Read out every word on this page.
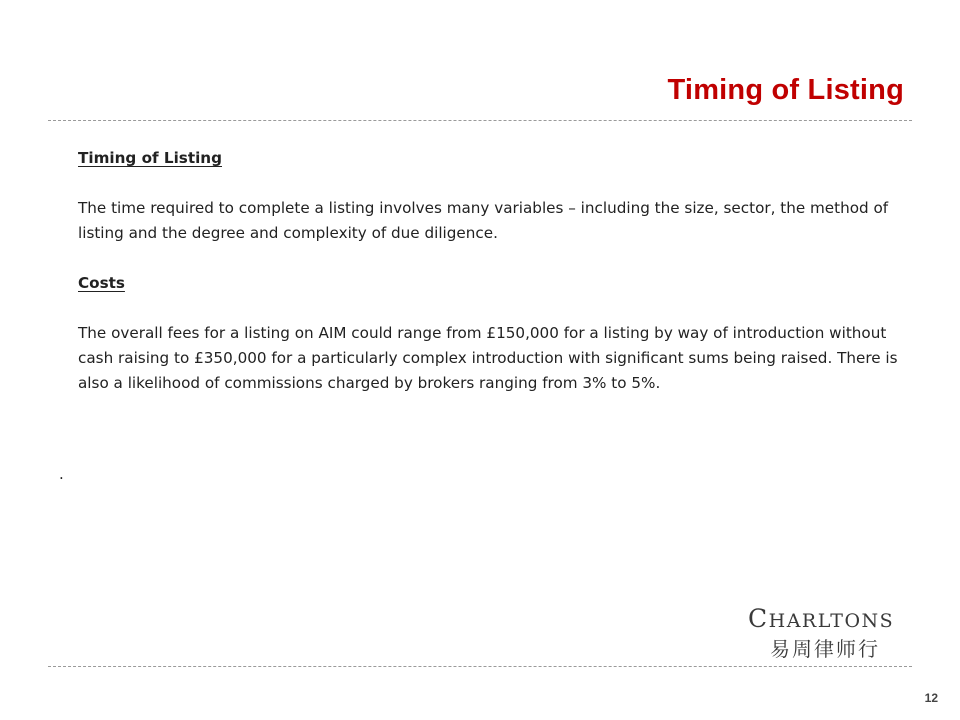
Timing of Listing

Timing of Listing

The time required to complete a listing involves many variables – including the size, sector, the method of listing and the degree and complexity of due diligence.

Costs

The overall fees for a listing on AIM could range from £150,000 for a listing by way of introduction without cash raising to £350,000 for a particularly complex introduction with significant sums being raised. There is also a likelihood of commissions charged by brokers ranging from 3% to 5%.

.
CHARLTONS
易周律师行
12
